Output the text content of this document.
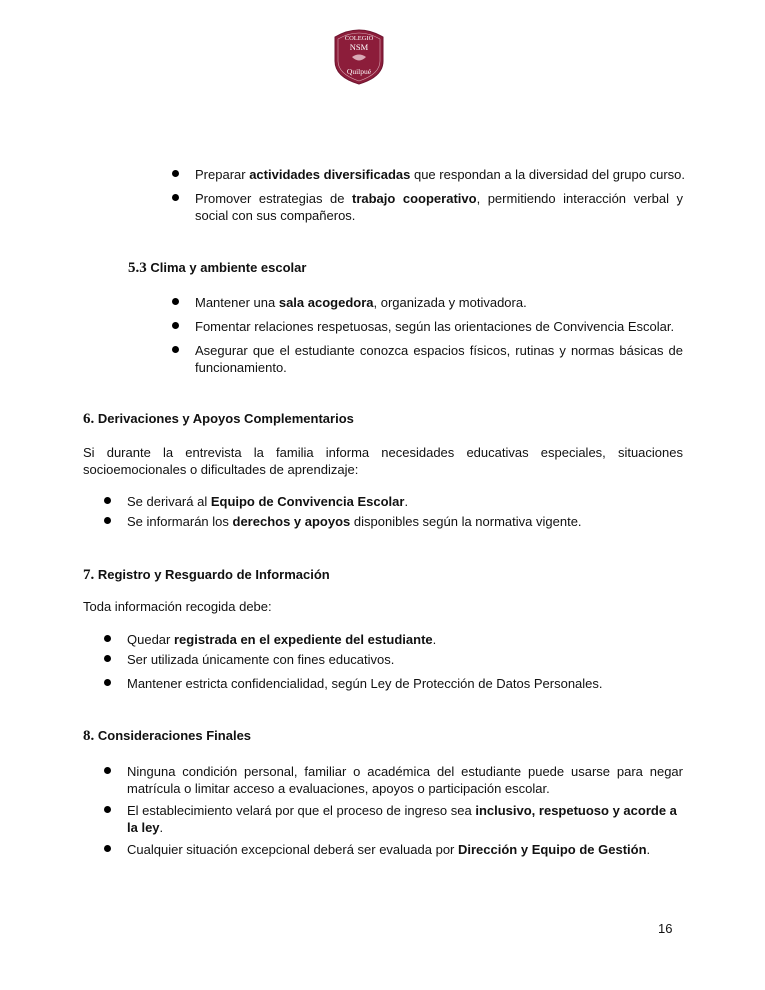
COLEGIO
NSM
Quilpué
Preparar actividades diversificadas que respondan a la diversidad del grupo curso.
Promover estrategias de trabajo cooperativo, permitiendo interacción verbal y
social con sus compañeros.
5.3 Clima y ambiente escolar
Mantener una sala acogedora, organizada y motivadora.
Fomentar relaciones respetuosas, según las orientaciones de Convivencia Escolar.
Asegurar que el estudiante conozca espacios físicos, rutinas y normas básicas de
funcionamiento.
6. Derivaciones y Apoyos Complementarios
Si durante la entrevista la familia informa necesidades educativas especiales, situaciones
socioemocionales o dificultades de aprendizaje:
Se derivará al Equipo de Convivencia Escolar.
Se informarán los derechos y apoyos disponibles según la normativa vigente.
7. Registro y Resguardo de Información
Toda información recogida debe:
Quedar registrada en el expediente del estudiante.
Ser utilizada únicamente con fines educativos.
Mantener estricta confidencialidad, según Ley de Protección de Datos Personales.
8. Consideraciones Finales
Ninguna condición personal, familiar o académica del estudiante puede usarse para negar
matrícula o limitar acceso a evaluaciones, apoyos o participación escolar.
El establecimiento velará por que el proceso de ingreso sea inclusivo, respetuoso y acorde a
la ley.
Cualquier situación excepcional deberá ser evaluada por Dirección y Equipo de Gestión.
16
